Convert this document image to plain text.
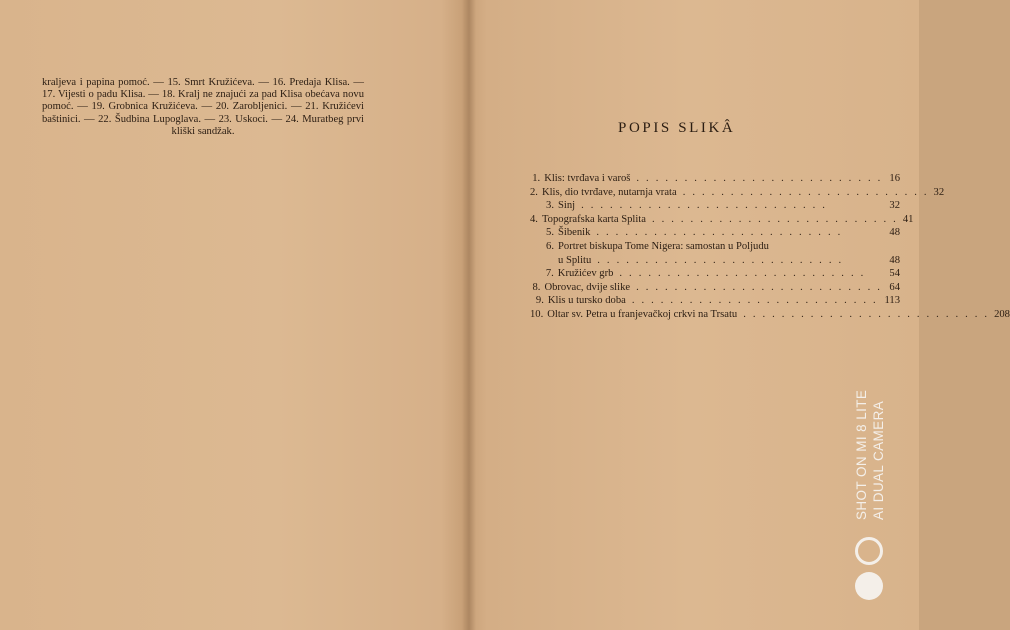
kraljeva i papina pomoć. — 15. Smrt Kružićeva. — 16. Predaja Klisa. — 17. Vijesti o padu Klisa. — 18. Kralj ne znajući za pad Klisa obećava novu pomoć. — 19. Grobnica Kružićeva. — 20. Zarobljenici. — 21. Kružićevi baštinici. — 22. Šudbina Lupoglava. — 23. Uskoci. — 24. Muratbeg prvi kliški sandžak.	POPIS SLIKÂ
1. Klis: tvrđava i varoš .......................... 16
2. Klis, dio tvrđave, nutarnja vrata .......................... 32
3. Sinj ..........................	32
4. Topografska karta Splita .......................... 41
5. Šibenik ..........................	48
6. Portret biskupa Tome Nigera: samostan u Poljudu
u Splitu ..........................	48
7. Kružićev grb ..........................	54
8. Obrovac, dvije slike .......................... 64
9. Klis u tursko doba .......................... 113
10. Oltar sv. Petra u franjevačkoj crkvi na Trsatu .......................... 208
SHOT ON MI 8 LITE AI DUAL CAMERA
